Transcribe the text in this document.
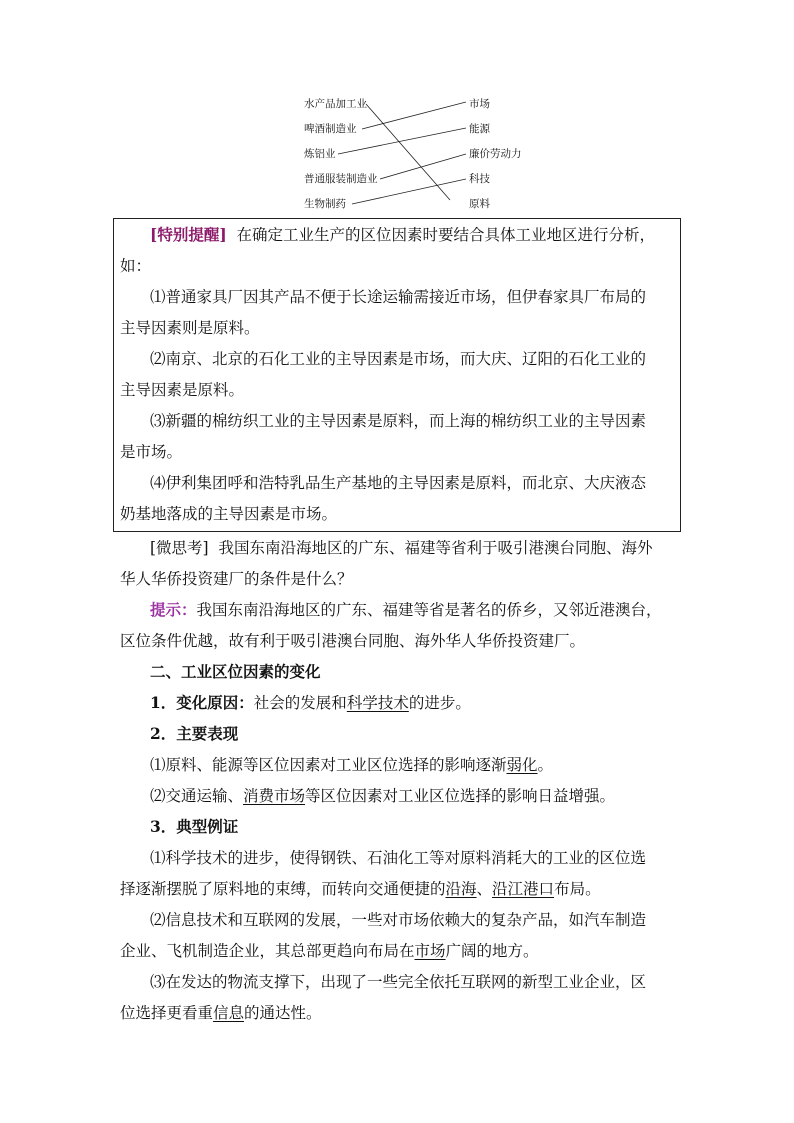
水产品加工业
啤酒制造业
炼铝业
普通服装制造业
生物制药
市场
能源
廉价劳动力
科技
原料

[特别提醒] 在确定工业生产的区位因素时要结合具体工业地区进行分析，

如：

⑴普通家具厂因其产品不便于长途运输需接近市场，但伊春家具厂布局的

主导因素则是原料。

⑵南京、北京的石化工业的主导因素是市场，而大庆、辽阳的石化工业的

主导因素是原料。

⑶新疆的棉纺织工业的主导因素是原料，而上海的棉纺织工业的主导因素

是市场。

⑷伊利集团呼和浩特乳品生产基地的主导因素是原料，而北京、大庆液态

奶基地落成的主导因素是市场。

[微思考] 我国东南沿海地区的广东、福建等省利于吸引港澳台同胞、海外

华人华侨投资建厂的条件是什么？

提示：我国东南沿海地区的广东、福建等省是著名的侨乡，又邻近港澳台，

区位条件优越，故有利于吸引港澳台同胞、海外华人华侨投资建厂。

二、工业区位因素的变化

1．变化原因：社会的发展和科学技术的进步。

2．主要表现

⑴原料、能源等区位因素对工业区位选择的影响逐渐弱化。

⑵交通运输、消费市场等区位因素对工业区位选择的影响日益增强。

3．典型例证

⑴科学技术的进步，使得钢铁、石油化工等对原料消耗大的工业的区位选

择逐渐摆脱了原料地的束缚，而转向交通便捷的沿海、沿江港口布局。

⑵信息技术和互联网的发展，一些对市场依赖大的复杂产品，如汽车制造

企业、飞机制造企业，其总部更趋向布局在市场广阔的地方。

⑶在发达的物流支撑下，出现了一些完全依托互联网的新型工业企业，区

位选择更看重信息的通达性。
